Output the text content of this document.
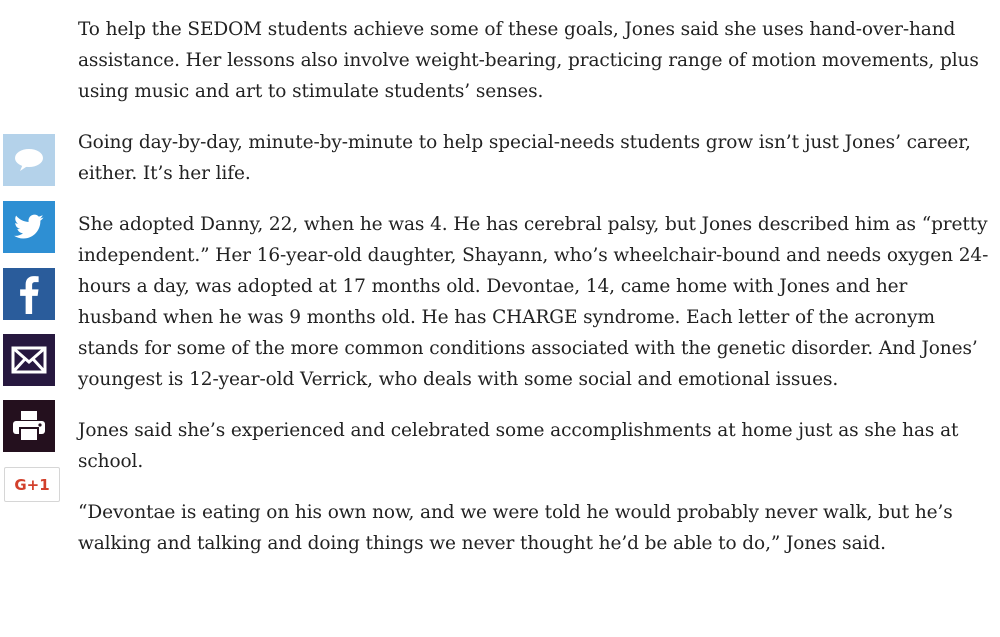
G+1

To help the SEDOM students achieve some of these goals, Jones said she uses hand-over-hand assistance. Her lessons also involve weight-bearing, practicing range of motion movements, plus using music and art to stimulate students’ senses.

Going day-by-day, minute-by-minute to help special-needs students grow isn’t just Jones’ career, either. It’s her life.

She adopted Danny, 22, when he was 4. He has cerebral palsy, but Jones described him as “pretty independent.” Her 16-year-old daughter, Shayann, who’s wheelchair-bound and needs oxygen 24-hours a day, was adopted at 17 months old. Devontae, 14, came home with Jones and her husband when he was 9 months old. He has CHARGE syndrome. Each letter of the acronym stands for some of the more common conditions associated with the genetic disorder. And Jones’ youngest is 12-year-old Verrick, who deals with some social and emotional issues.

Jones said she’s experienced and celebrated some accomplishments at home just as she has at school.

“Devontae is eating on his own now, and we were told he would probably never walk, but he’s walking and talking and doing things we never thought he’d be able to do,” Jones said.
